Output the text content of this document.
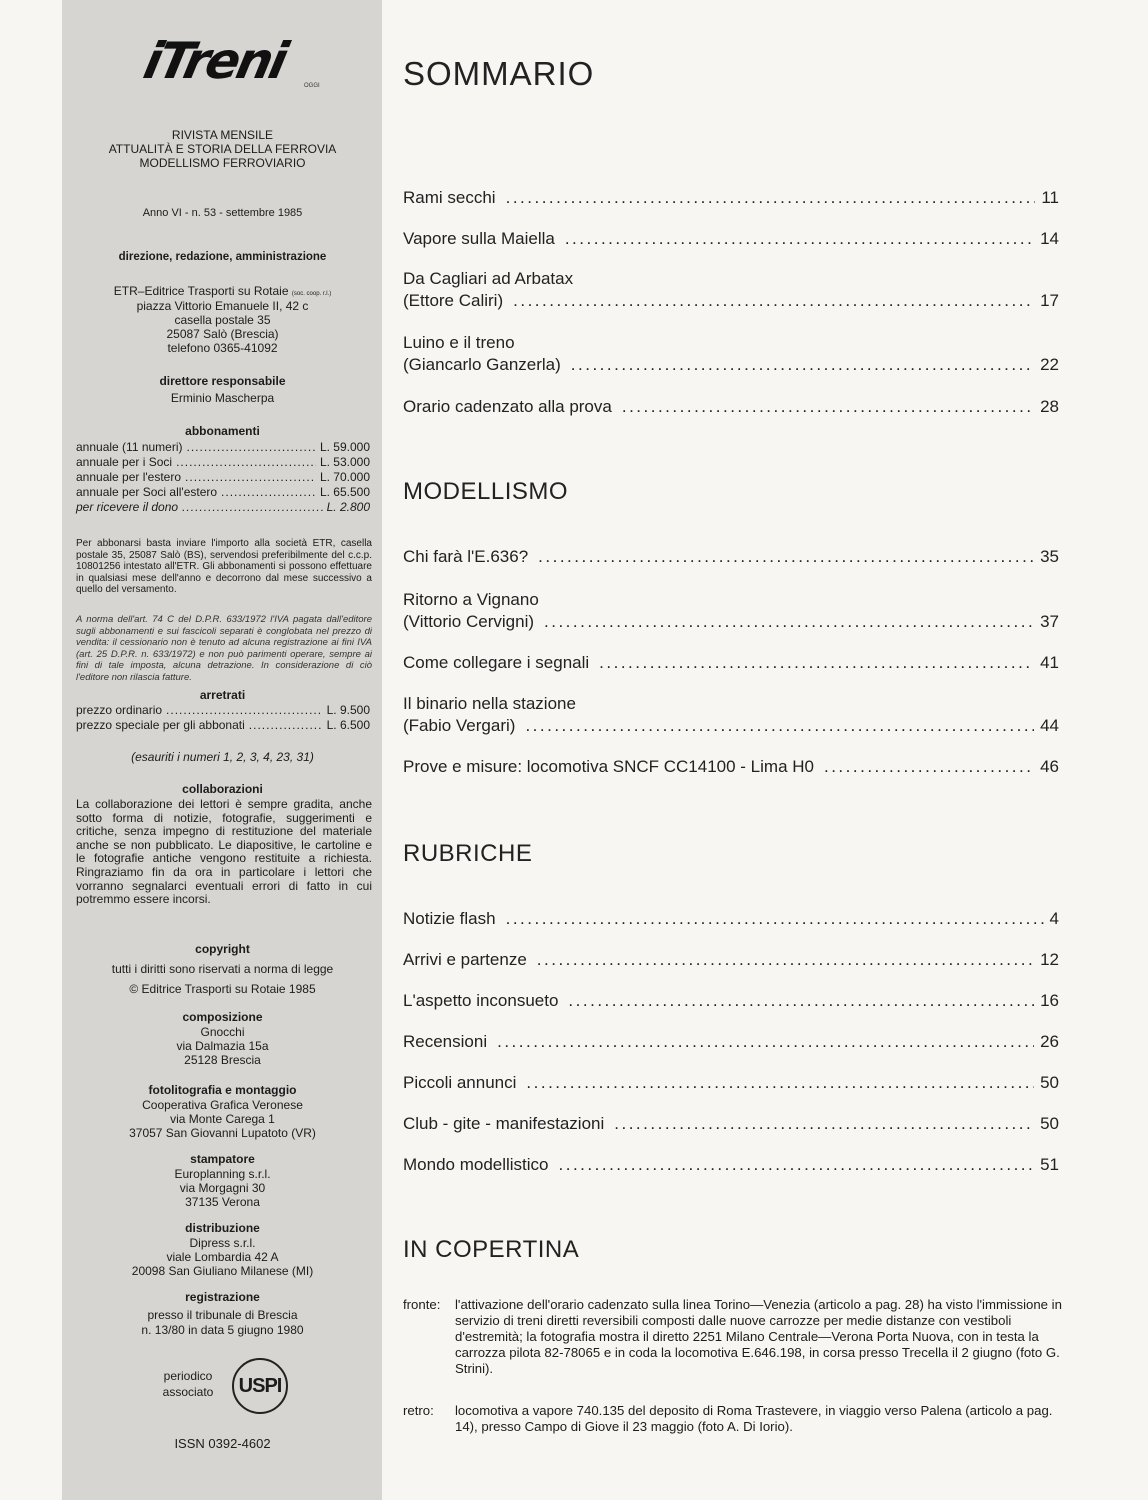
iTreni OGGI
RIVISTA MENSILE
ATTUALITÀ E STORIA DELLA FERROVIA
MODELLISMO FERROVIARIO
Anno VI - n. 53 - settembre 1985
direzione, redazione, amministrazione
ETR–Editrice Trasporti su Rotaie (soc. coop. r.l.)
piazza Vittorio Emanuele II, 42 c
casella postale 35
25087 Salò (Brescia)
telefono 0365-41092
direttore responsabile
Erminio Mascherpa
abbonamenti
annuale (11 numeri) .....	L. 59.000
annuale per i Soci .....	L. 53.000
annuale per l'estero .....	L. 70.000
annuale per Soci all'estero .....	L. 65.500
per ricevere il dono .....	L. 2.800
Per abbonarsi basta inviare l'importo alla società ETR, casella postale 35, 25087 Salò (BS), servendosi preferibilmente del c.c.p. 10801256 intestato all'ETR. Gli abbonamenti si possono effettuare in qualsiasi mese dell'anno e decorrono dal mese successivo a quello del versamento.
A norma dell'art. 74 C del D.P.R. 633/1972 l'IVA pagata dall'editore sugli abbonamenti e sui fascicoli separati è conglobata nel prezzo di vendita: il cessionario non è tenuto ad alcuna registrazione ai fini IVA (art. 25 D.P.R. n. 633/1972) e non può parimenti operare, sempre ai fini di tale imposta, alcuna detrazione. In considerazione di ciò l'editore non rilascia fatture.
arretrati
prezzo ordinario .....	L. 9.500
prezzo speciale per gli abbonati .....	L. 6.500
(esauriti i numeri 1, 2, 3, 4, 23, 31)
collaborazioni
La collaborazione dei lettori è sempre gradita, anche sotto forma di notizie, fotografie, suggerimenti e critiche, senza impegno di restituzione del materiale anche se non pubblicato. Le diapositive, le cartoline e le fotografie antiche vengono restituite a richiesta. Ringraziamo fin da ora in particolare i lettori che vorranno segnalarci eventuali errori di fatto in cui potremmo essere incorsi.
copyright
tutti i diritti sono riservati a norma di legge
© Editrice Trasporti su Rotaie 1985
composizione
Gnocchi
via Dalmazia 15a
25128 Brescia
fotolitografia e montaggio
Cooperativa Grafica Veronese
via Monte Carega 1
37057 San Giovanni Lupatoto (VR)
stampatore
Europlanning s.r.l.
via Morgagni 30
37135 Verona
distribuzione
Dipress s.r.l.
viale Lombardia 42 A
20098 San Giuliano Milanese (MI)
registrazione
presso il tribunale di Brescia
n. 13/80 in data 5 giugno 1980
periodico
associato	USPI
ISSN 0392-4602
SOMMARIO
Rami secchi .....	11
Vapore sulla Maiella .....	14
Da Cagliari ad Arbatax
(Ettore Caliri) .....	17
Luino e il treno
(Giancarlo Ganzerla) .....	22
Orario cadenzato alla prova .....	28
MODELLISMO
Chi farà l'E.636? .....	35
Ritorno a Vignano
(Vittorio Cervigni) .....	37
Come collegare i segnali .....	41
Il binario nella stazione
(Fabio Vergari) .....	44
Prove e misure: locomotiva SNCF CC14100 - Lima H0 .....	46
RUBRICHE
Notizie flash .....	4
Arrivi e partenze .....	12
L'aspetto inconsueto .....	16
Recensioni .....	26
Piccoli annunci .....	50
Club - gite - manifestazioni .....	50
Mondo modellistico .....	51
IN COPERTINA
fronte: l'attivazione dell'orario cadenzato sulla linea Torino—Venezia (articolo a pag. 28) ha visto l'immissione in servizio di treni diretti reversibili composti dalle nuove carrozze per medie distanze con vestiboli d'estremità; la fotografia mostra il diretto 2251 Milano Centrale—Verona Porta Nuova, con in testa la carrozza pilota 82-78065 e in coda la locomotiva E.646.198, in corsa presso Trecella il 2 giugno (foto G. Strini).
retro: locomotiva a vapore 740.135 del deposito di Roma Trastevere, in viaggio verso Palena (articolo a pag. 14), presso Campo di Giove il 23 maggio (foto A. Di Iorio).
